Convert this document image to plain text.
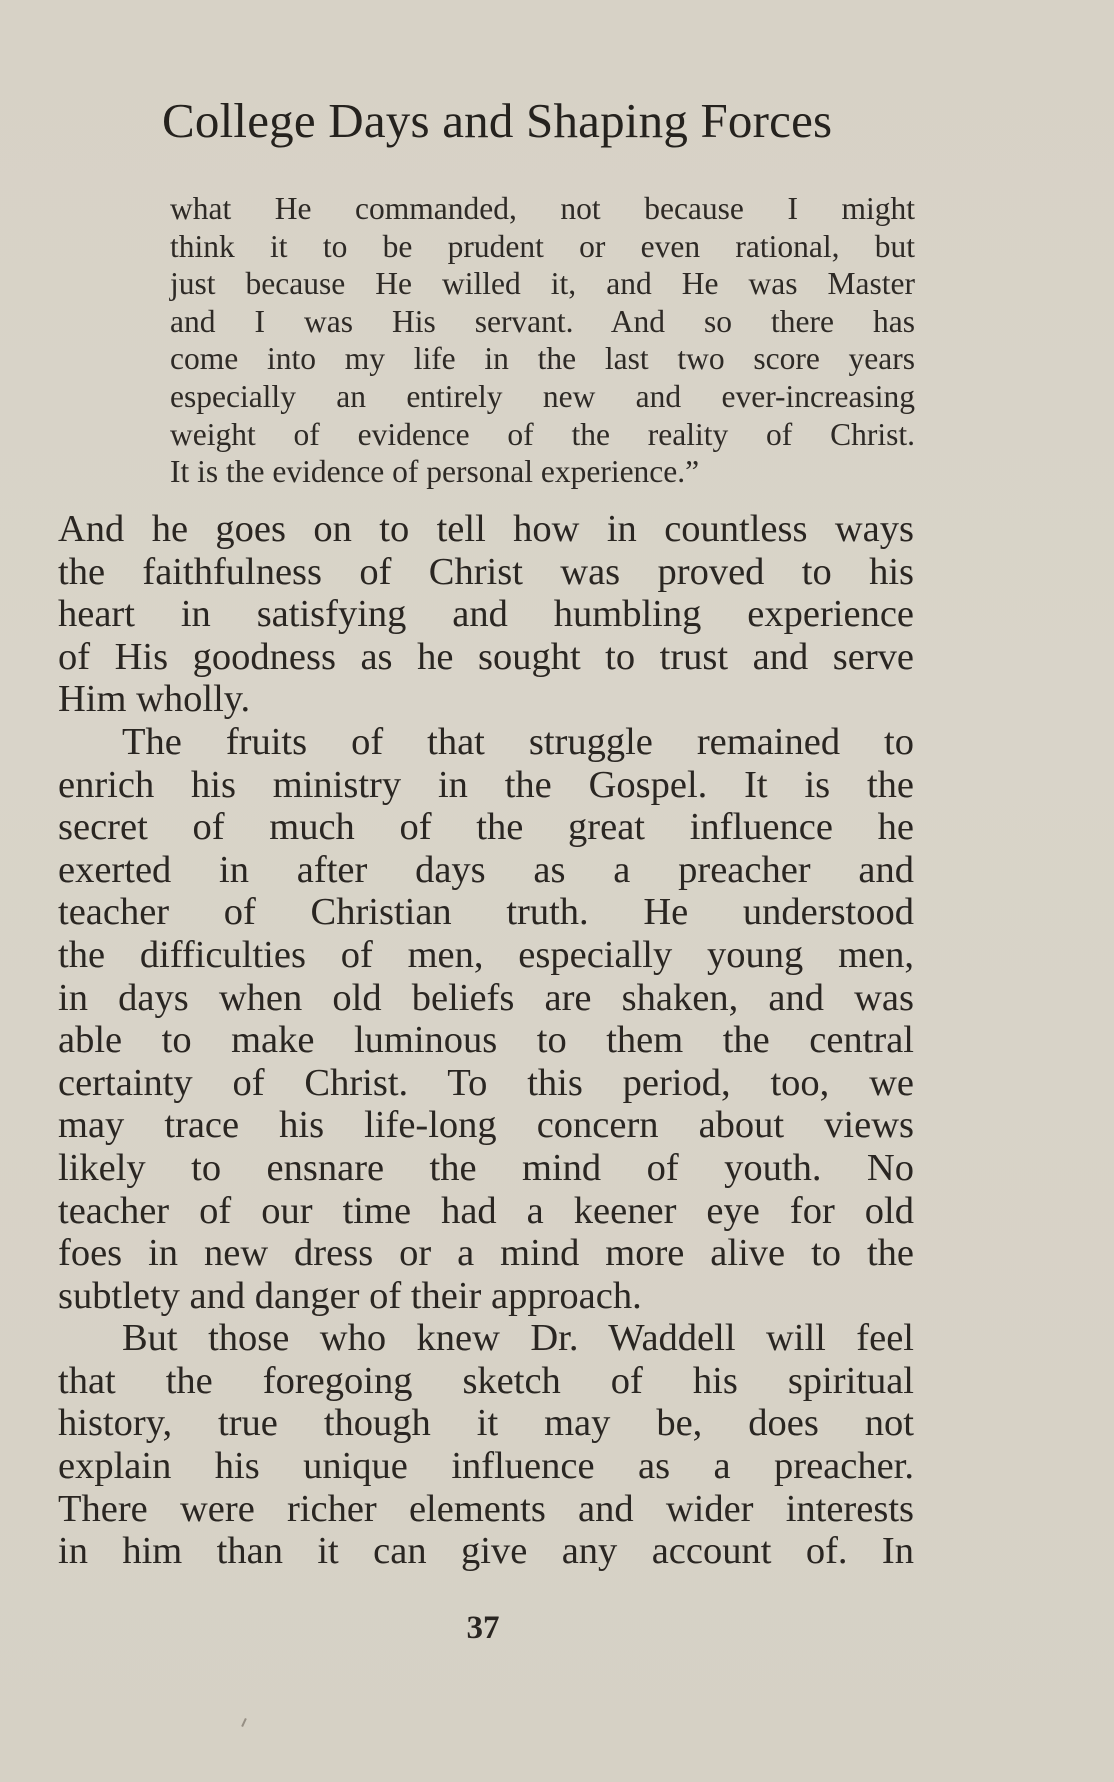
College Days and Shaping Forces
what He commanded, not because I might
think it to be prudent or even rational, but
just because He willed it, and He was Master
and I was His servant. And so there has
come into my life in the last two score years
especially an entirely new and ever-increasing
weight of evidence of the reality of Christ.
It is the evidence of personal experience.”
And he goes on to tell how in countless ways
the faithfulness of Christ was proved to his
heart in satisfying and humbling experience
of His goodness as he sought to trust and serve
Him wholly.
The fruits of that struggle remained to
enrich his ministry in the Gospel. It is the
secret of much of the great influence he
exerted in after days as a preacher and
teacher of Christian truth. He understood
the difficulties of men, especially young men,
in days when old beliefs are shaken, and was
able to make luminous to them the central
certainty of Christ. To this period, too, we
may trace his life-long concern about views
likely to ensnare the mind of youth. No
teacher of our time had a keener eye for old
foes in new dress or a mind more alive to the
subtlety and danger of their approach.
But those who knew Dr. Waddell will feel
that the foregoing sketch of his spiritual
history, true though it may be, does not
explain his unique influence as a preacher.
There were richer elements and wider interests
in him than it can give any account of. In
37
